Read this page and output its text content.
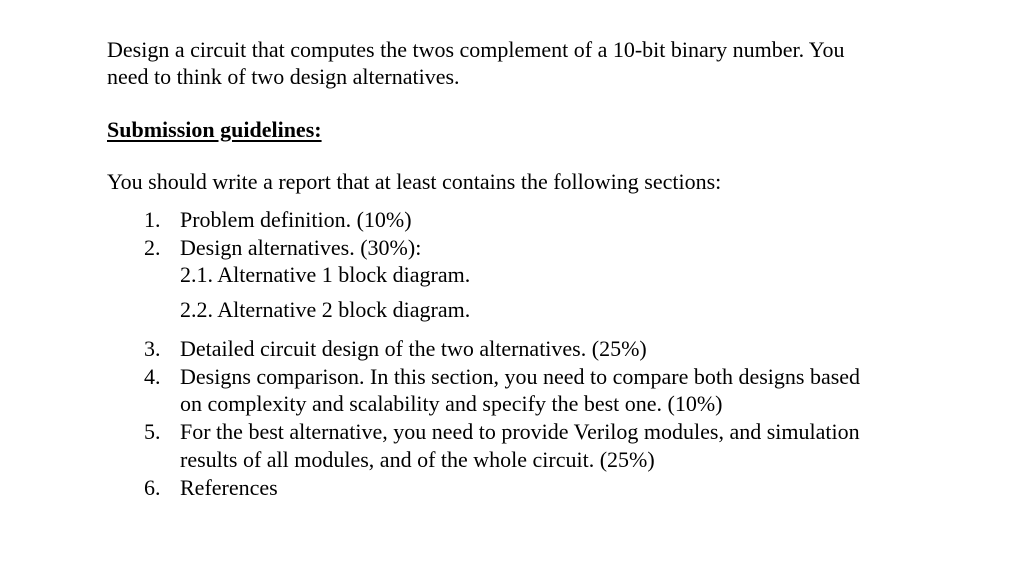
Design a circuit that computes the twos complement of a 10-bit binary number. You
need to think of two design alternatives.
Submission guidelines:
You should write a report that at least contains the following sections:
1. Problem definition. (10%)
2. Design alternatives. (30%):
2.1. Alternative 1 block diagram.
2.2. Alternative 2 block diagram.
3. Detailed circuit design of the two alternatives. (25%)
4. Designs comparison. In this section, you need to compare both designs based
on complexity and scalability and specify the best one. (10%)
5. For the best alternative, you need to provide Verilog modules, and simulation
results of all modules, and of the whole circuit. (25%)
6. References
